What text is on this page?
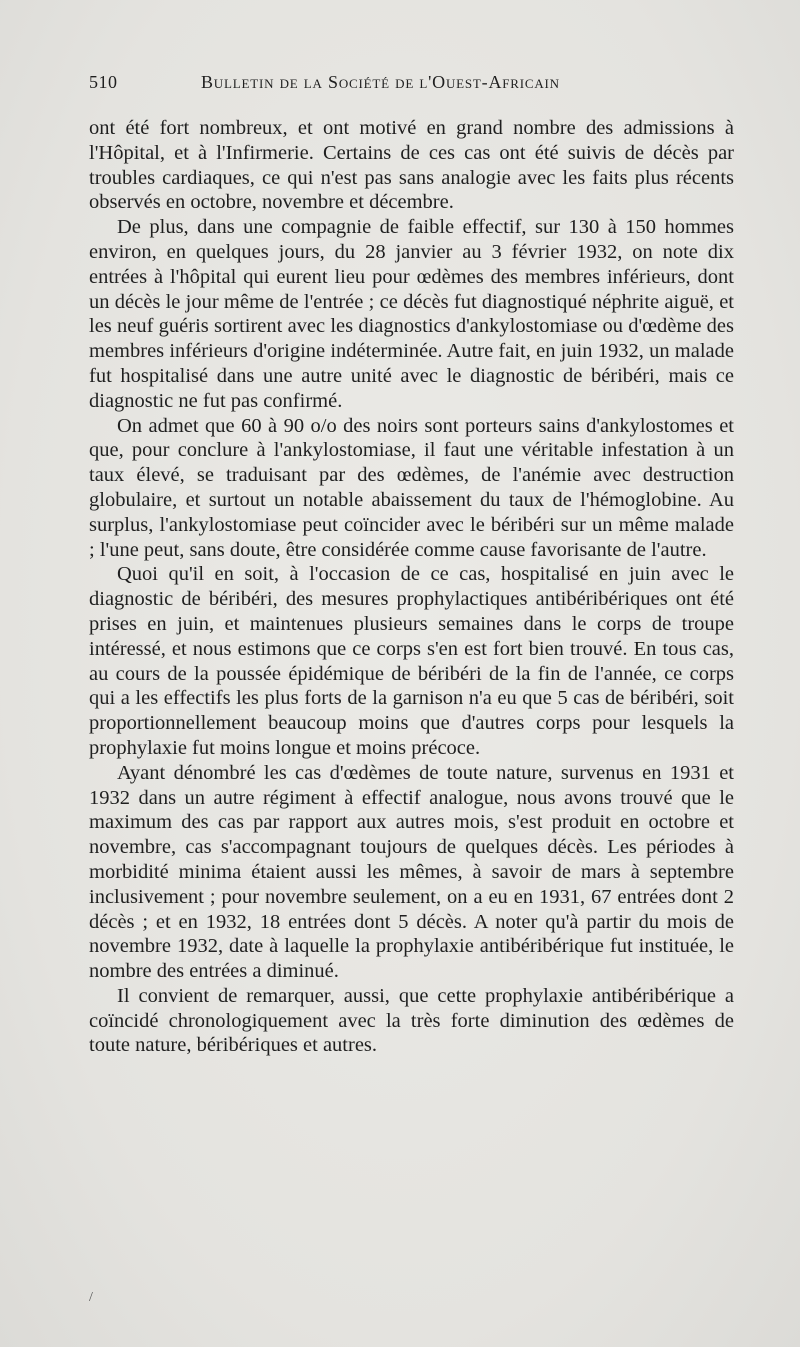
510	Bulletin de la Société de l'Ouest-Africain

ont été fort nombreux, et ont motivé en grand nombre des admissions à l'Hôpital, et à l'Infirmerie. Certains de ces cas ont été suivis de décès par troubles cardiaques, ce qui n'est pas sans analogie avec les faits plus récents observés en octobre, novembre et décembre.

De plus, dans une compagnie de faible effectif, sur 130 à 150 hommes environ, en quelques jours, du 28 janvier au 3 février 1932, on note dix entrées à l'hôpital qui eurent lieu pour œdèmes des membres inférieurs, dont un décès le jour même de l'entrée ; ce décès fut diagnostiqué néphrite aiguë, et les neuf guéris sortirent avec les diagnostics d'ankylostomiase ou d'œdème des membres inférieurs d'origine indéterminée. Autre fait, en juin 1932, un malade fut hospitalisé dans une autre unité avec le diagnostic de béribéri, mais ce diagnostic ne fut pas confirmé.

On admet que 60 à 90 o/o des noirs sont porteurs sains d'ankylostomes et que, pour conclure à l'ankylostomiase, il faut une véritable infestation à un taux élevé, se traduisant par des œdèmes, de l'anémie avec destruction globulaire, et surtout un notable abaissement du taux de l'hémoglobine. Au surplus, l'ankylostomiase peut coïncider avec le béribéri sur un même malade ; l'une peut, sans doute, être considérée comme cause favorisante de l'autre.

Quoi qu'il en soit, à l'occasion de ce cas, hospitalisé en juin avec le diagnostic de béribéri, des mesures prophylactiques antibéribériques ont été prises en juin, et maintenues plusieurs semaines dans le corps de troupe intéressé, et nous estimons que ce corps s'en est fort bien trouvé. En tous cas, au cours de la poussée épidémique de béribéri de la fin de l'année, ce corps qui a les effectifs les plus forts de la garnison n'a eu que 5 cas de béribéri, soit proportionnellement beaucoup moins que d'autres corps pour lesquels la prophylaxie fut moins longue et moins précoce.

Ayant dénombré les cas d'œdèmes de toute nature, survenus en 1931 et 1932 dans un autre régiment à effectif analogue, nous avons trouvé que le maximum des cas par rapport aux autres mois, s'est produit en octobre et novembre, cas s'accompagnant toujours de quelques décès. Les périodes à morbidité minima étaient aussi les mêmes, à savoir de mars à septembre inclusivement ; pour novembre seulement, on a eu en 1931, 67 entrées dont 2 décès ; et en 1932, 18 entrées dont 5 décès. A noter qu'à partir du mois de novembre 1932, date à laquelle la prophylaxie antibéribérique fut instituée, le nombre des entrées a diminué.

Il convient de remarquer, aussi, que cette prophylaxie antibéribérique a coïncidé chronologiquement avec la très forte diminution des œdèmes de toute nature, béribériques et autres.

/
